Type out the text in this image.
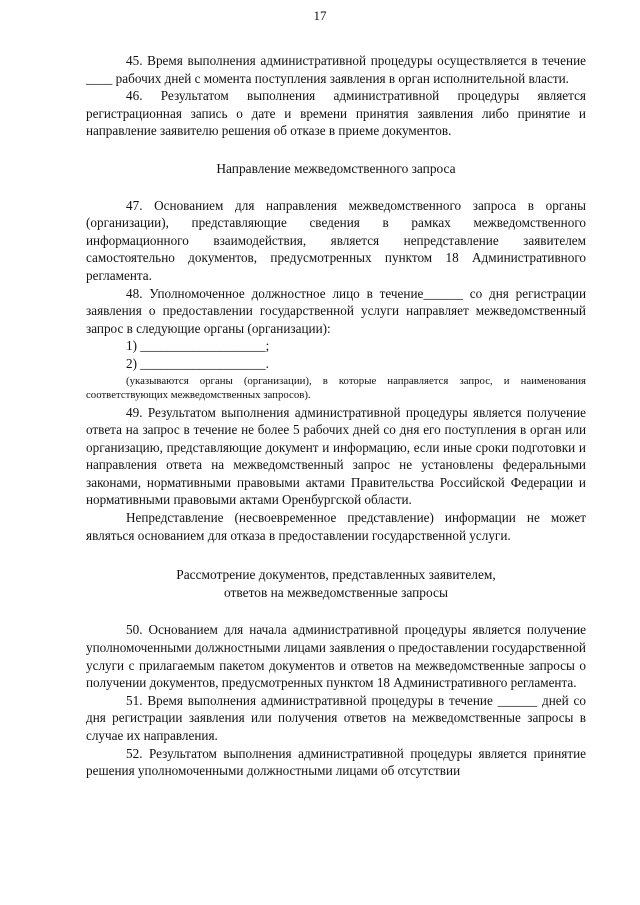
17

45. Время выполнения административной процедуры осуществляется в течение ____ рабочих дней с момента поступления заявления в орган исполнительной власти.

46. Результатом выполнения административной процедуры является регистрационная запись о дате и времени принятия заявления либо принятие и направление заявителю решения об отказе в приеме документов.

Направление межведомственного запроса

47. Основанием для направления межведомственного запроса в органы (организации), представляющие сведения в рамках межведомственного информационного взаимодействия, является непредставление заявителем самостоятельно документов, предусмотренных пунктом 18 Административного регламента.

48. Уполномоченное должностное лицо в течение______ со дня регистрации заявления о предоставлении государственной услуги направляет межведомственный запрос в следующие органы (организации):

1) ___________________;

2) ___________________.

(указываются органы (организации), в которые направляется запрос, и наименования соответствующих межведомственных запросов).

49. Результатом выполнения административной процедуры является получение ответа на запрос в течение не более 5 рабочих дней со дня его поступления в орган или организацию, представляющие документ и информацию, если иные сроки подготовки и направления ответа на межведомственный запрос не установлены федеральными законами, нормативными правовыми актами Правительства Российской Федерации и нормативными правовыми актами Оренбургской области.

Непредставление (несвоевременное представление) информации не может являться основанием для отказа в предоставлении государственной услуги.

Рассмотрение документов, представленных заявителем,

ответов на межведомственные запросы

50. Основанием для начала административной процедуры является получение уполномоченными должностными лицами заявления о предоставлении государственной услуги с прилагаемым пакетом документов и ответов на межведомственные запросы о получении документов, предусмотренных пунктом 18 Административного регламента.

51. Время выполнения административной процедуры в течение ______ дней со дня регистрации заявления или получения ответов на межведомственные запросы в случае их направления.

52. Результатом выполнения административной процедуры является принятие решения уполномоченными должностными лицами об отсутствии
